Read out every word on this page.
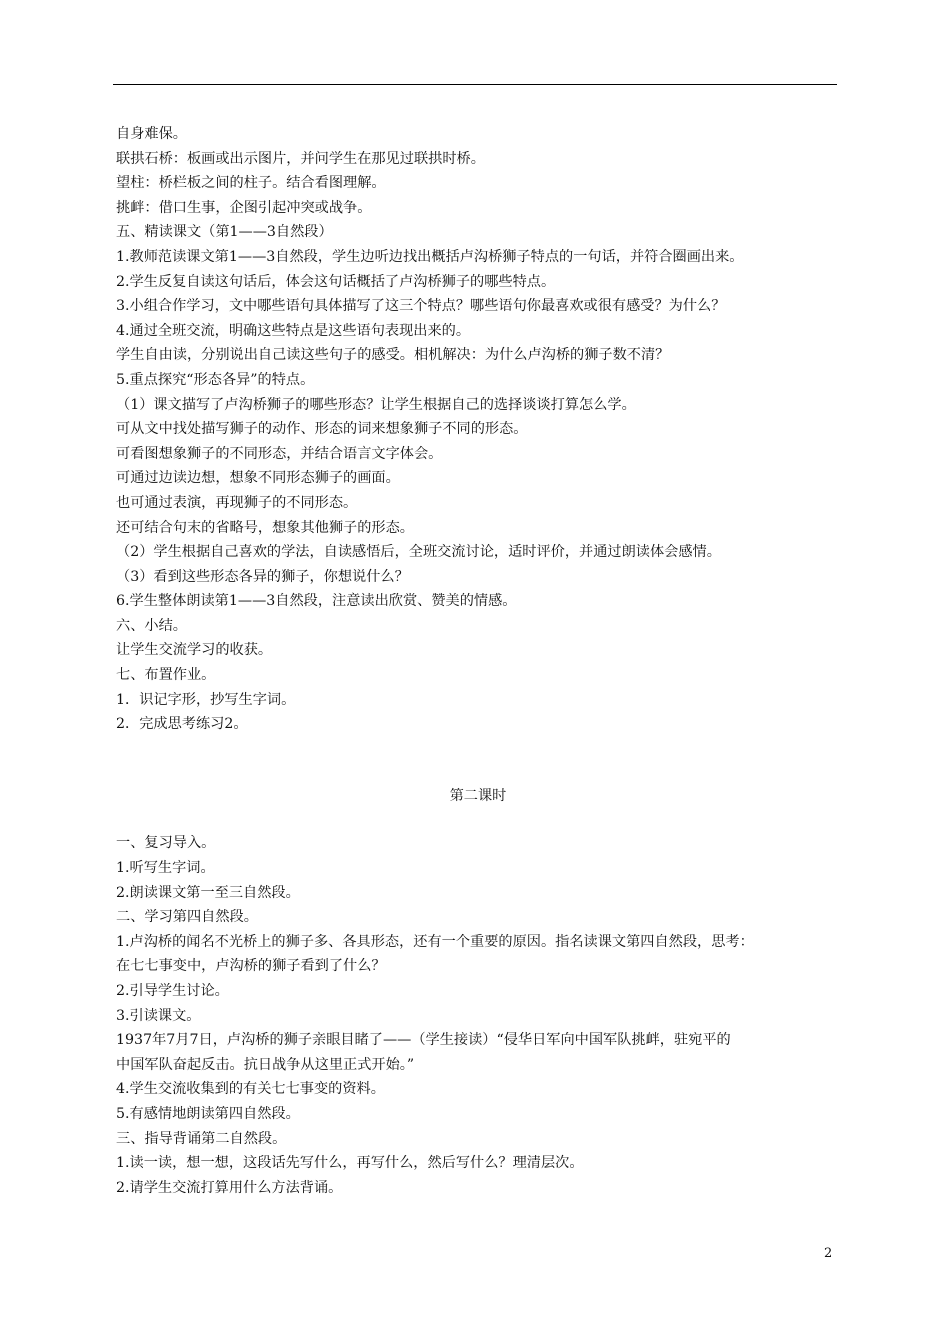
自身难保。
联拱石桥：板画或出示图片，并问学生在那见过联拱时桥。
望柱：桥栏板之间的柱子。结合看图理解。
挑衅：借口生事，企图引起冲突或战争。
五、精读课文（第1——3自然段）
1.教师范读课文第1——3自然段，学生边听边找出概括卢沟桥狮子特点的一句话，并符合圈画出来。
2.学生反复自读这句话后，体会这句话概括了卢沟桥狮子的哪些特点。
3.小组合作学习，文中哪些语句具体描写了这三个特点？哪些语句你最喜欢或很有感受？为什么？
4.通过全班交流，明确这些特点是这些语句表现出来的。
学生自由读，分别说出自己读这些句子的感受。相机解决：为什么卢沟桥的狮子数不清？
5.重点探究“形态各异”的特点。
（1）课文描写了卢沟桥狮子的哪些形态？让学生根据自己的选择谈谈打算怎么学。
可从文中找处描写狮子的动作、形态的词来想象狮子不同的形态。
可看图想象狮子的不同形态，并结合语言文字体会。
可通过边读边想，想象不同形态狮子的画面。
也可通过表演，再现狮子的不同形态。
还可结合句末的省略号，想象其他狮子的形态。
（2）学生根据自己喜欢的学法，自读感悟后，全班交流讨论，适时评价，并通过朗读体会感情。
（3）看到这些形态各异的狮子，你想说什么？
6.学生整体朗读第1——3自然段，注意读出欣赏、赞美的情感。
六、小结。
让学生交流学习的收获。
七、布置作业。
1．识记字形，抄写生字词。
2．完成思考练习2。
第二课时
一、复习导入。
1.听写生字词。
2.朗读课文第一至三自然段。
二、学习第四自然段。
1.卢沟桥的闻名不光桥上的狮子多、各具形态，还有一个重要的原因。指名读课文第四自然段，思考：
在七七事变中，卢沟桥的狮子看到了什么？
2.引导学生讨论。
3.引读课文。
1937年7月7日，卢沟桥的狮子亲眼目睹了——（学生接读）“侵华日军向中国军队挑衅，驻宛平的
中国军队奋起反击。抗日战争从这里正式开始。”
4.学生交流收集到的有关七七事变的资料。
5.有感情地朗读第四自然段。
三、指导背诵第二自然段。
1.读一读，想一想，这段话先写什么，再写什么，然后写什么？理清层次。
2.请学生交流打算用什么方法背诵。
2
